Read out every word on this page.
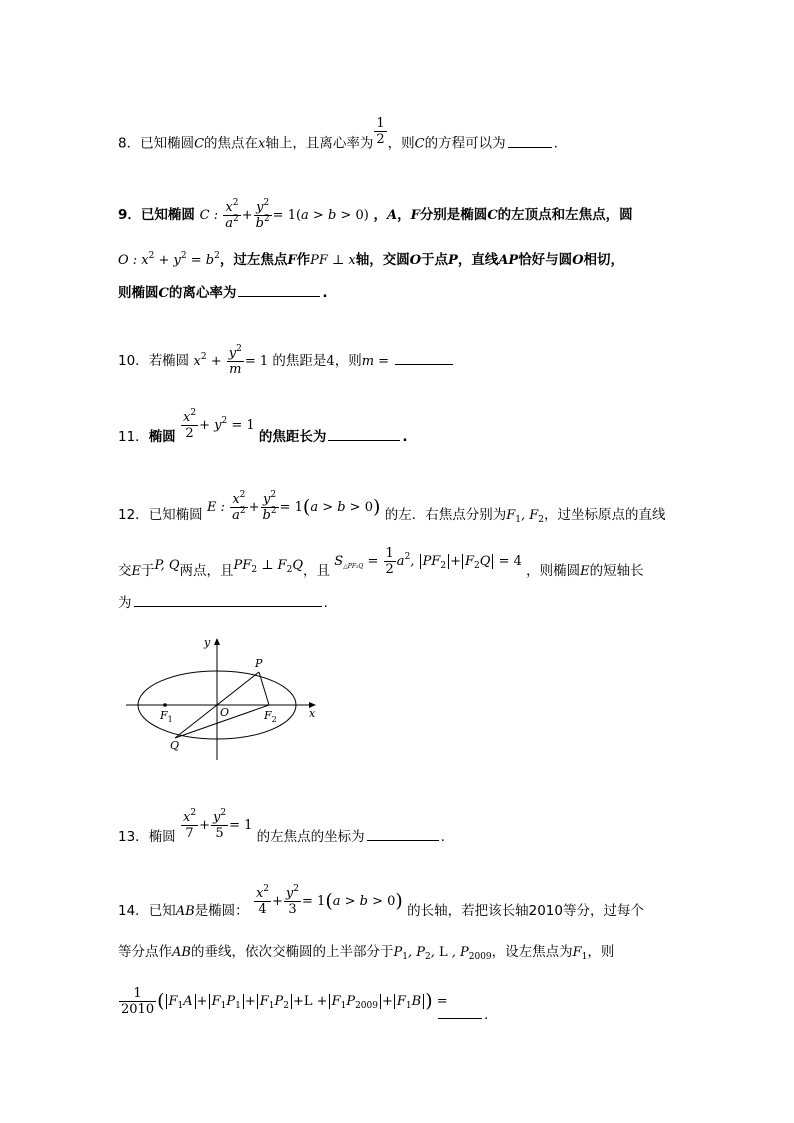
8．已知椭圆C的焦点在x轴上，且离心率为 $\frac{1}{2}$ ，则C的方程可以为	.
9．已知椭圆 C : $\frac{x^2}{a^2} + \frac{y^2}{b^2} = 1(a > b > 0)$ ，A，F分别是椭圆C的左顶点和左焦点，圆
O : $x^2 + y^2 = b^2$，过左焦点F作PF ⊥ x轴，交圆O于点P，直线AP恰好与圆O相切，
则椭圆C的离心率为	.
10．若椭圆 $x^2 + \frac{y^2}{m} = 1$ 的焦距是4，则m =
11．椭圆 $\frac{x^2}{2} + y^2 = 1$ 的焦距长为	.
12．已知椭圆 E : $\frac{x^2}{a^2} + \frac{y^2}{b^2} = 1(a > b > 0)$ 的左．右焦点分别为$F_1$, $F_2$，过坐标原点的直线
交E于P, Q两点，且$PF_2$ ⊥ $F_2Q$，且 $S_{\triangle PF_2Q} = \frac{1}{2} a^2$, $PF_2 + F_2Q = 4$ ，则椭圆E的短轴长
为	.
y
x
P
Q
O
$F_1$	$F_2$
13．椭圆 $\frac{x^2}{7} + \frac{y^2}{5} = 1$ 的左焦点的坐标为	.
14．已知AB是椭圆： $\frac{x^2}{4} + \frac{y^2}{3} = 1(a > b > 0)$ 的长轴，若把该长轴2010等分，过每个
等分点作AB的垂线，依次交椭圆的上半部分于$P_1$, $P_2$, L , $P_{2009}$，设左焦点为$F_1$，则
$\frac{1}{2010}$ ( $F_1A + F_1P_1 + F_1P_2 +L + F_1P_{2009} + F_1B$ ) =
.
